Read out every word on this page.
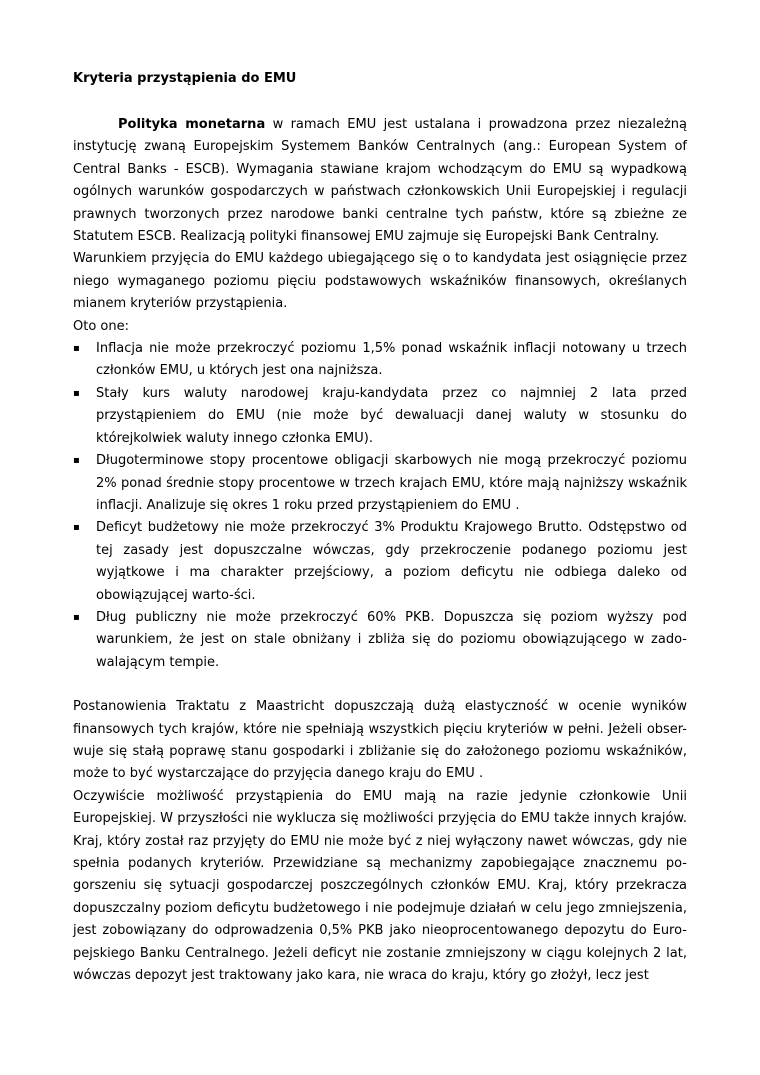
Kryteria przystąpienia do EMU

Polityka monetarna w ramach EMU jest ustalana i prowadzona przez niezależną instytucję zwaną Europejskim Systemem Banków Centralnych (ang.: European System of Central Banks - ESCB). Wymagania stawiane krajom wchodzącym do EMU są wypadkową ogólnych warunków gospodarczych w państwach członkowskich Unii Europejskiej i regulacji prawnych tworzonych przez narodowe banki centralne tych państw, które są zbieżne ze Statutem ESCB. Realizacją polityki finansowej EMU zajmuje się Europejski Bank Centralny.

Warunkiem przyjęcia do EMU każdego ubiegającego się o to kandydata jest osiągnięcie przez niego wymaganego poziomu pięciu podstawowych wskaźników finansowych, określanych mianem kryteriów przystąpienia.

Oto one:

▪ Inflacja nie może przekroczyć poziomu 1,5% ponad wskaźnik inflacji notowany u trzech członków EMU, u których jest ona najniższa.
▪ Stały kurs waluty narodowej kraju-kandydata przez co najmniej 2 lata przed przystąpieniem do EMU (nie może być dewaluacji danej waluty w stosunku do którejkolwiek waluty innego członka EMU).
▪ Długoterminowe stopy procentowe obligacji skarbowych nie mogą przekroczyć poziomu 2% ponad średnie stopy procentowe w trzech krajach EMU, które mają najniższy wskaźnik inflacji. Analizuje się okres 1 roku przed przystąpieniem do EMU .
▪ Deficyt budżetowy nie może przekroczyć 3% Produktu Krajowego Brutto. Odstępstwo od tej zasady jest dopuszczalne wówczas, gdy przekroczenie podanego poziomu jest wyjątkowe i ma charakter przejściowy, a poziom deficytu nie odbiega daleko od obowiązującej warto-ści.
▪ Dług publiczny nie może przekroczyć 60% PKB. Dopuszcza się poziom wyższy pod warunkiem, że jest on stale obniżany i zbliża się do poziomu obowiązującego w zado-walającym tempie.

Postanowienia Traktatu z Maastricht dopuszczają dużą elastyczność w ocenie wyników finansowych tych krajów, które nie spełniają wszystkich pięciu kryteriów w pełni. Jeżeli obser-wuje się stałą poprawę stanu gospodarki i zbliżanie się do założonego poziomu wskaźników, może to być wystarczające do przyjęcia danego kraju do EMU .

Oczywiście możliwość przystąpienia do EMU mają na razie jedynie członkowie Unii Europejskiej. W przyszłości nie wyklucza się możliwości przyjęcia do EMU także innych krajów. Kraj, który został raz przyjęty do EMU nie może być z niej wyłączony nawet wówczas, gdy nie spełnia podanych kryteriów. Przewidziane są mechanizmy zapobiegające znacznemu po-gorszeniu się sytuacji gospodarczej poszczególnych członków EMU. Kraj, który przekracza dopuszczalny poziom deficytu budżetowego i nie podejmuje działań w celu jego zmniejszenia, jest zobowiązany do odprowadzenia 0,5% PKB jako nieoprocentowanego depozytu do Euro-pejskiego Banku Centralnego. Jeżeli deficyt nie zostanie zmniejszony w ciągu kolejnych 2 lat, wówczas depozyt jest traktowany jako kara, nie wraca do kraju, który go złożył, lecz jest
